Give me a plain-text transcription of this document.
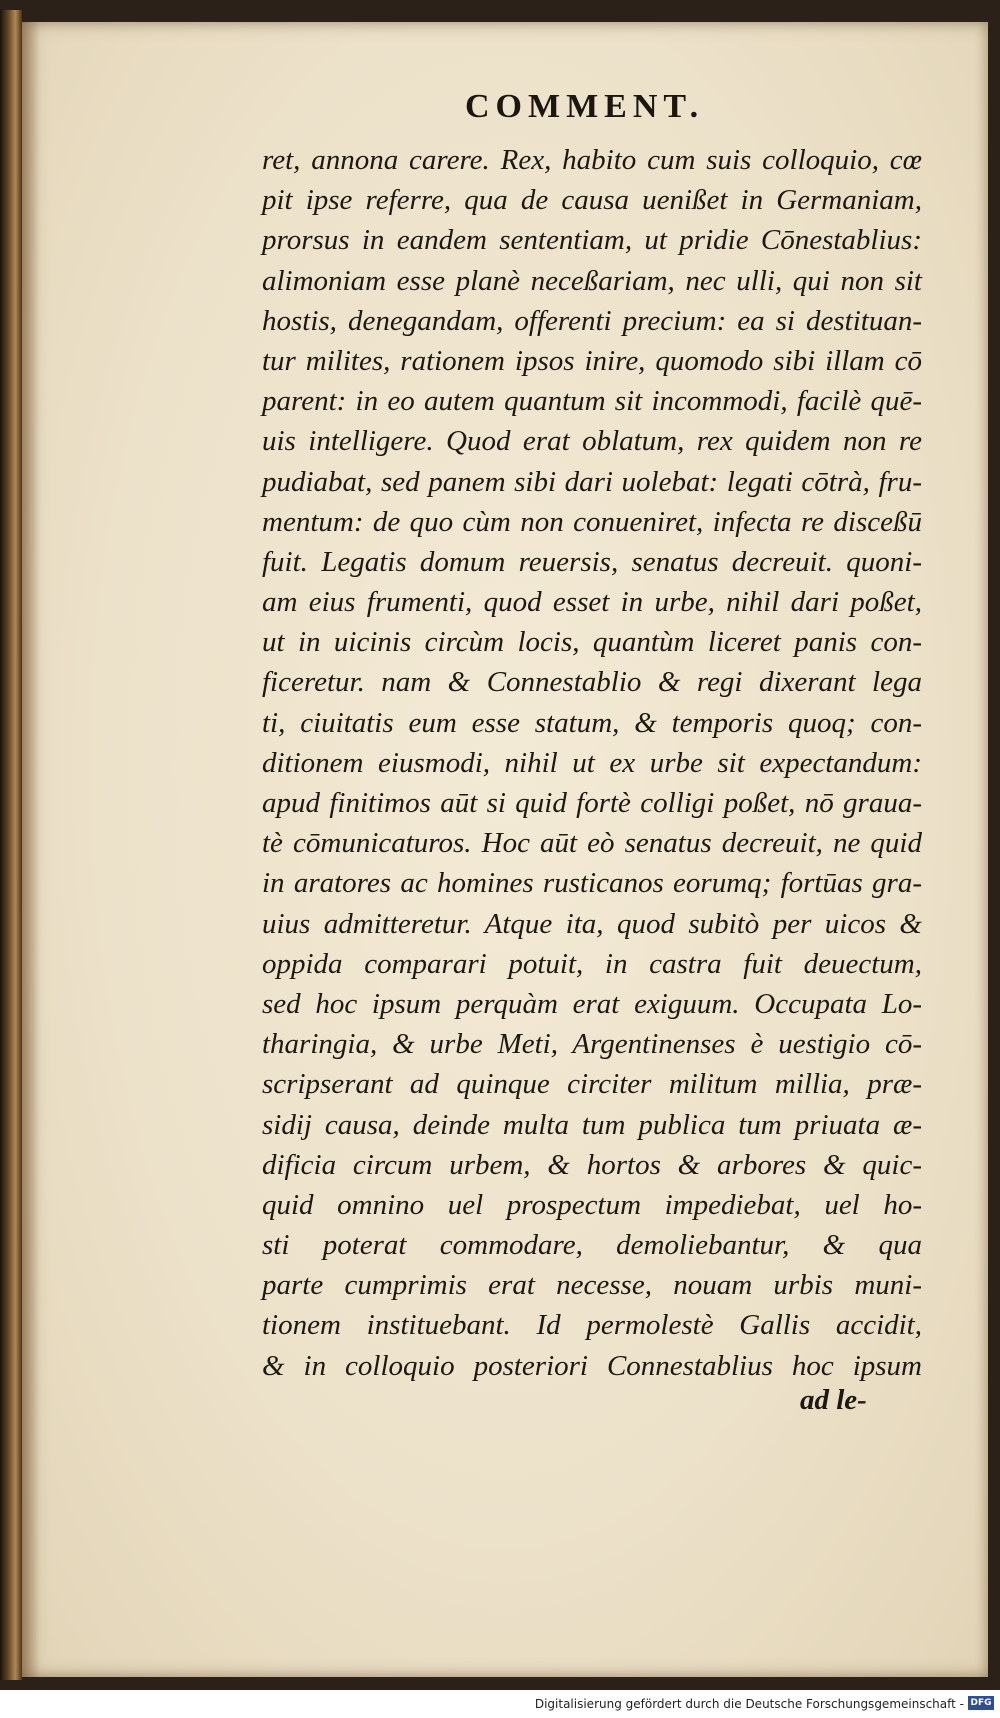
COMMENT.
ret, annona carere. Rex, habito cum suis colloquio, cœ
pit ipse referre, qua de causa uenißet in Germaniam,
prorsus in eandem sententiam, ut pridie Cōnestablius:
alimoniam esse planè neceßariam, nec ulli, qui non sit
hostis, denegandam, offerenti precium: ea si destituan-
tur milites, rationem ipsos inire, quomodo sibi illam cō
parent: in eo autem quantum sit incommodi, facilè quē-
uis intelligere. Quod erat oblatum, rex quidem non re
pudiabat, sed panem sibi dari uolebat: legati cōtrà, fru-
mentum: de quo cùm non conueniret, infecta re disceßū
fuit. Legatis domum reuersis, senatus decreuit. quoni-
am eius frumenti, quod esset in urbe, nihil dari poßet,
ut in uicinis circùm locis, quantùm liceret panis con-
ficeretur. nam & Connestablio & regi dixerant lega
ti, ciuitatis eum esse statum, & temporis quoq; con-
ditionem eiusmodi, nihil ut ex urbe sit expectandum:
apud finitimos aūt si quid fortè colligi poßet, nō graua-
tè cōmunicaturos. Hoc aūt eò senatus decreuit, ne quid
in aratores ac homines rusticanos eorumq; fortūas gra-
uius admitteretur. Atque ita, quod subitò per uicos &
oppida comparari potuit, in castra fuit deuectum,
sed hoc ipsum perquàm erat exiguum. Occupata Lo-
tharingia, & urbe Meti, Argentinenses è uestigio cō-
scripserant ad quinque circiter militum millia, præ-
sidij causa, deinde multa tum publica tum priuata æ-
dificia circum urbem, & hortos & arbores & quic-
quid omnino uel prospectum impediebat, uel ho-
sti poterat commodare, demoliebantur, & qua
parte cumprimis erat necesse, nouam urbis muni-
tionem instituebant. Id permolestè Gallis accidit,
& in colloquio posteriori Connestablius hoc ipsum
ad le-
Digitalisierung gefördert durch die Deutsche Forschungsgemeinschaft - DFG
